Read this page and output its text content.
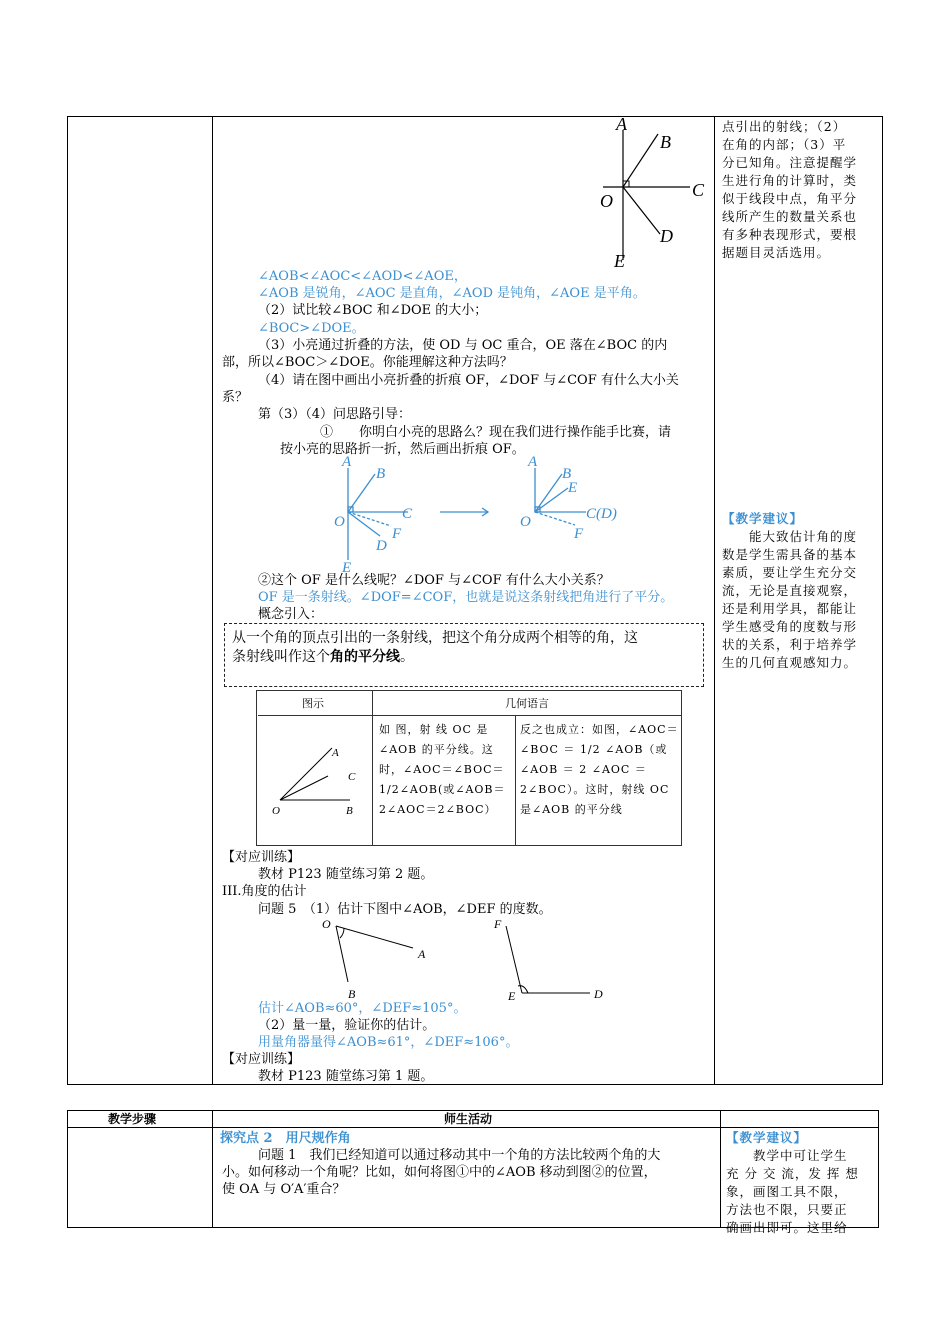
A
B
C
O
D
E
∠AOB<∠AOC<∠AOD<∠AOE，
∠AOB 是锐角，∠AOC 是直角，∠AOD 是钝角，∠AOE 是平角。
（2）试比较∠BOC 和∠DOE 的大小；
∠BOC>∠DOE。
（3）小亮通过折叠的方法，使 OD 与 OC 重合，OE 落在∠BOC 的内
部，所以∠BOC＞∠DOE。你能理解这种方法吗？
（4）请在图中画出小亮折叠的折痕 OF，∠DOF 与∠COF 有什么大小关
系？
第（3）（4）问思路引导：
①　　你明白小亮的思路么？现在我们进行操作能手比赛，请
按小亮的思路折一折，然后画出折痕 OF。
A
B
C
O
F
D
E
A
B
E
O	C(D)
F
②这个 OF 是什么线呢？∠DOF 与∠COF 有什么大小关系？
OF 是一条射线。∠DOF=∠COF，也就是说这条射线把角进行了平分。
概念引入：
从一个角的顶点引出的一条射线，把这个角分成两个相等的角，这
条射线叫作这个角的平分线。
图示	几何语言
A
C
O	B
如 图，射 线 OC 是
∠AOB 的平分线。这
时，∠AOC＝∠BOC＝
1/2∠AOB(或∠AOB＝
2∠AOC＝2∠BOC）
反之也成立：如图，∠AOC＝
∠BOC ＝ 1/2 ∠AOB（或
∠AOB ＝ 2 ∠AOC ＝
2∠BOC）。这时，射线 OC
是∠AOB 的平分线
【对应训练】
教材 P123 随堂练习第 2 题。
III.角度的估计
问题 5　（1）估计下图中∠AOB，∠DEF 的度数。
O
A
B
F
E	D
估计∠AOB≈60°，∠DEF≈105°。
（2）量一量，验证你的估计。
用量角器量得∠AOB≈61°，∠DEF≈106°。
【对应训练】
教材 P123 随堂练习第 1 题。
点引出的射线；（2）
在角的内部；（3）平
分已知角。注意提醒学
生进行角的计算时，类
似于线段中点，角平分
线所产生的数量关系也
有多种表现形式，要根
据题目灵活选用。
【教学建议】
　　能大致估计角的度
数是学生需具备的基本
素质，要让学生充分交
流，无论是直接观察，
还是利用学具，都能让
学生感受角的度数与形
状的关系，利于培养学
生的几何直观感知力。
教学步骤	师生活动
探究点 2　用尺规作角
问题 1　我们已经知道可以通过移动其中一个角的方法比较两个角的大
小。如何移动一个角呢？比如，如何将图①中的∠AOB 移动到图②的位置，
使 OA 与 O′A′重合？
【教学建议】
　　教学中可让学生
充 分 交 流，发 挥 想
象，画图工具不限，
方法也不限，只要正
确画出即可。这里给
